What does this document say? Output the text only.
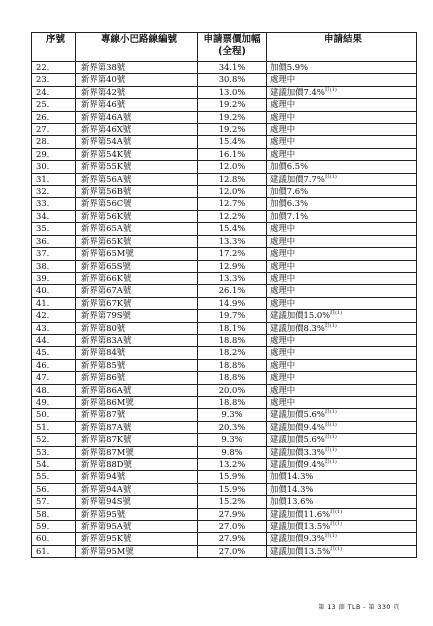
序號	專線小巴路線編號	申請票價加幅
(全程)	申請結果
22.	新界第38號	34.1%	加價5.9%
23.	新界第40號	30.8%	處理中
24.	新界第42號	13.0%	建議加價7.4%$^{註(1)}$
25.	新界第46號	19.2%	處理中
26.	新界第46A號	19.2%	處理中
27.	新界第46X號	19.2%	處理中
28.	新界第54A號	15.4%	處理中
29.	新界第54K號	16.1%	處理中
30.	新界第55K號	12.0%	加價6.5%
31.	新界第56A號	12.8%	建議加價7.7%$^{註(1)}$
32.	新界第56B號	12.0%	加價7.6%
33.	新界第56C號	12.7%	加價6.3%
34.	新界第56K號	12.2%	加價7.1%
35.	新界第65A號	15.4%	處理中
36.	新界第65K號	13.3%	處理中
37.	新界第65M號	17.2%	處理中
38.	新界第65S號	12.9%	處理中
39.	新界第66K號	13.3%	處理中
40.	新界第67A號	26.1%	處理中
41.	新界第67K號	14.9%	處理中
42.	新界第79S號	19.7%	建議加價15.0%$^{註(1)}$
43.	新界第80號	18.1%	建議加價8.3%$^{註(1)}$
44.	新界第83A號	18.8%	處理中
45.	新界第84號	18.2%	處理中
46.	新界第85號	18.8%	處理中
47.	新界第86號	18.8%	處理中
48.	新界第86A號	20.0%	處理中
49.	新界第86M號	18.8%	處理中
50.	新界第87號	9.3%	建議加價5.6%$^{註(1)}$
51.	新界第87A號	20.3%	建議加價9.4%$^{註(1)}$
52.	新界第87K號	9.3%	建議加價5.6%$^{註(1)}$
53.	新界第87M號	9.8%	建議加價3.3%$^{註(1)}$
54.	新界第88D號	13.2%	建議加價9.4%$^{註(1)}$
55.	新界第94號	15.9%	加價14.3%
56.	新界第94A號	15.9%	加價14.3%
57.	新界第94S號	15.2%	加價13.6%
58.	新界第95號	27.9%	建議加價11.6%$^{註(1)}$
59.	新界第95A號	27.0%	建議加價13.5%$^{註(1)}$
60.	新界第95K號	27.9%	建議加價9.3%$^{註(1)}$
61.	新界第95M號	27.0%	建議加價13.5%$^{註(1)}$
第 13 節 TLB - 第 330 頁
